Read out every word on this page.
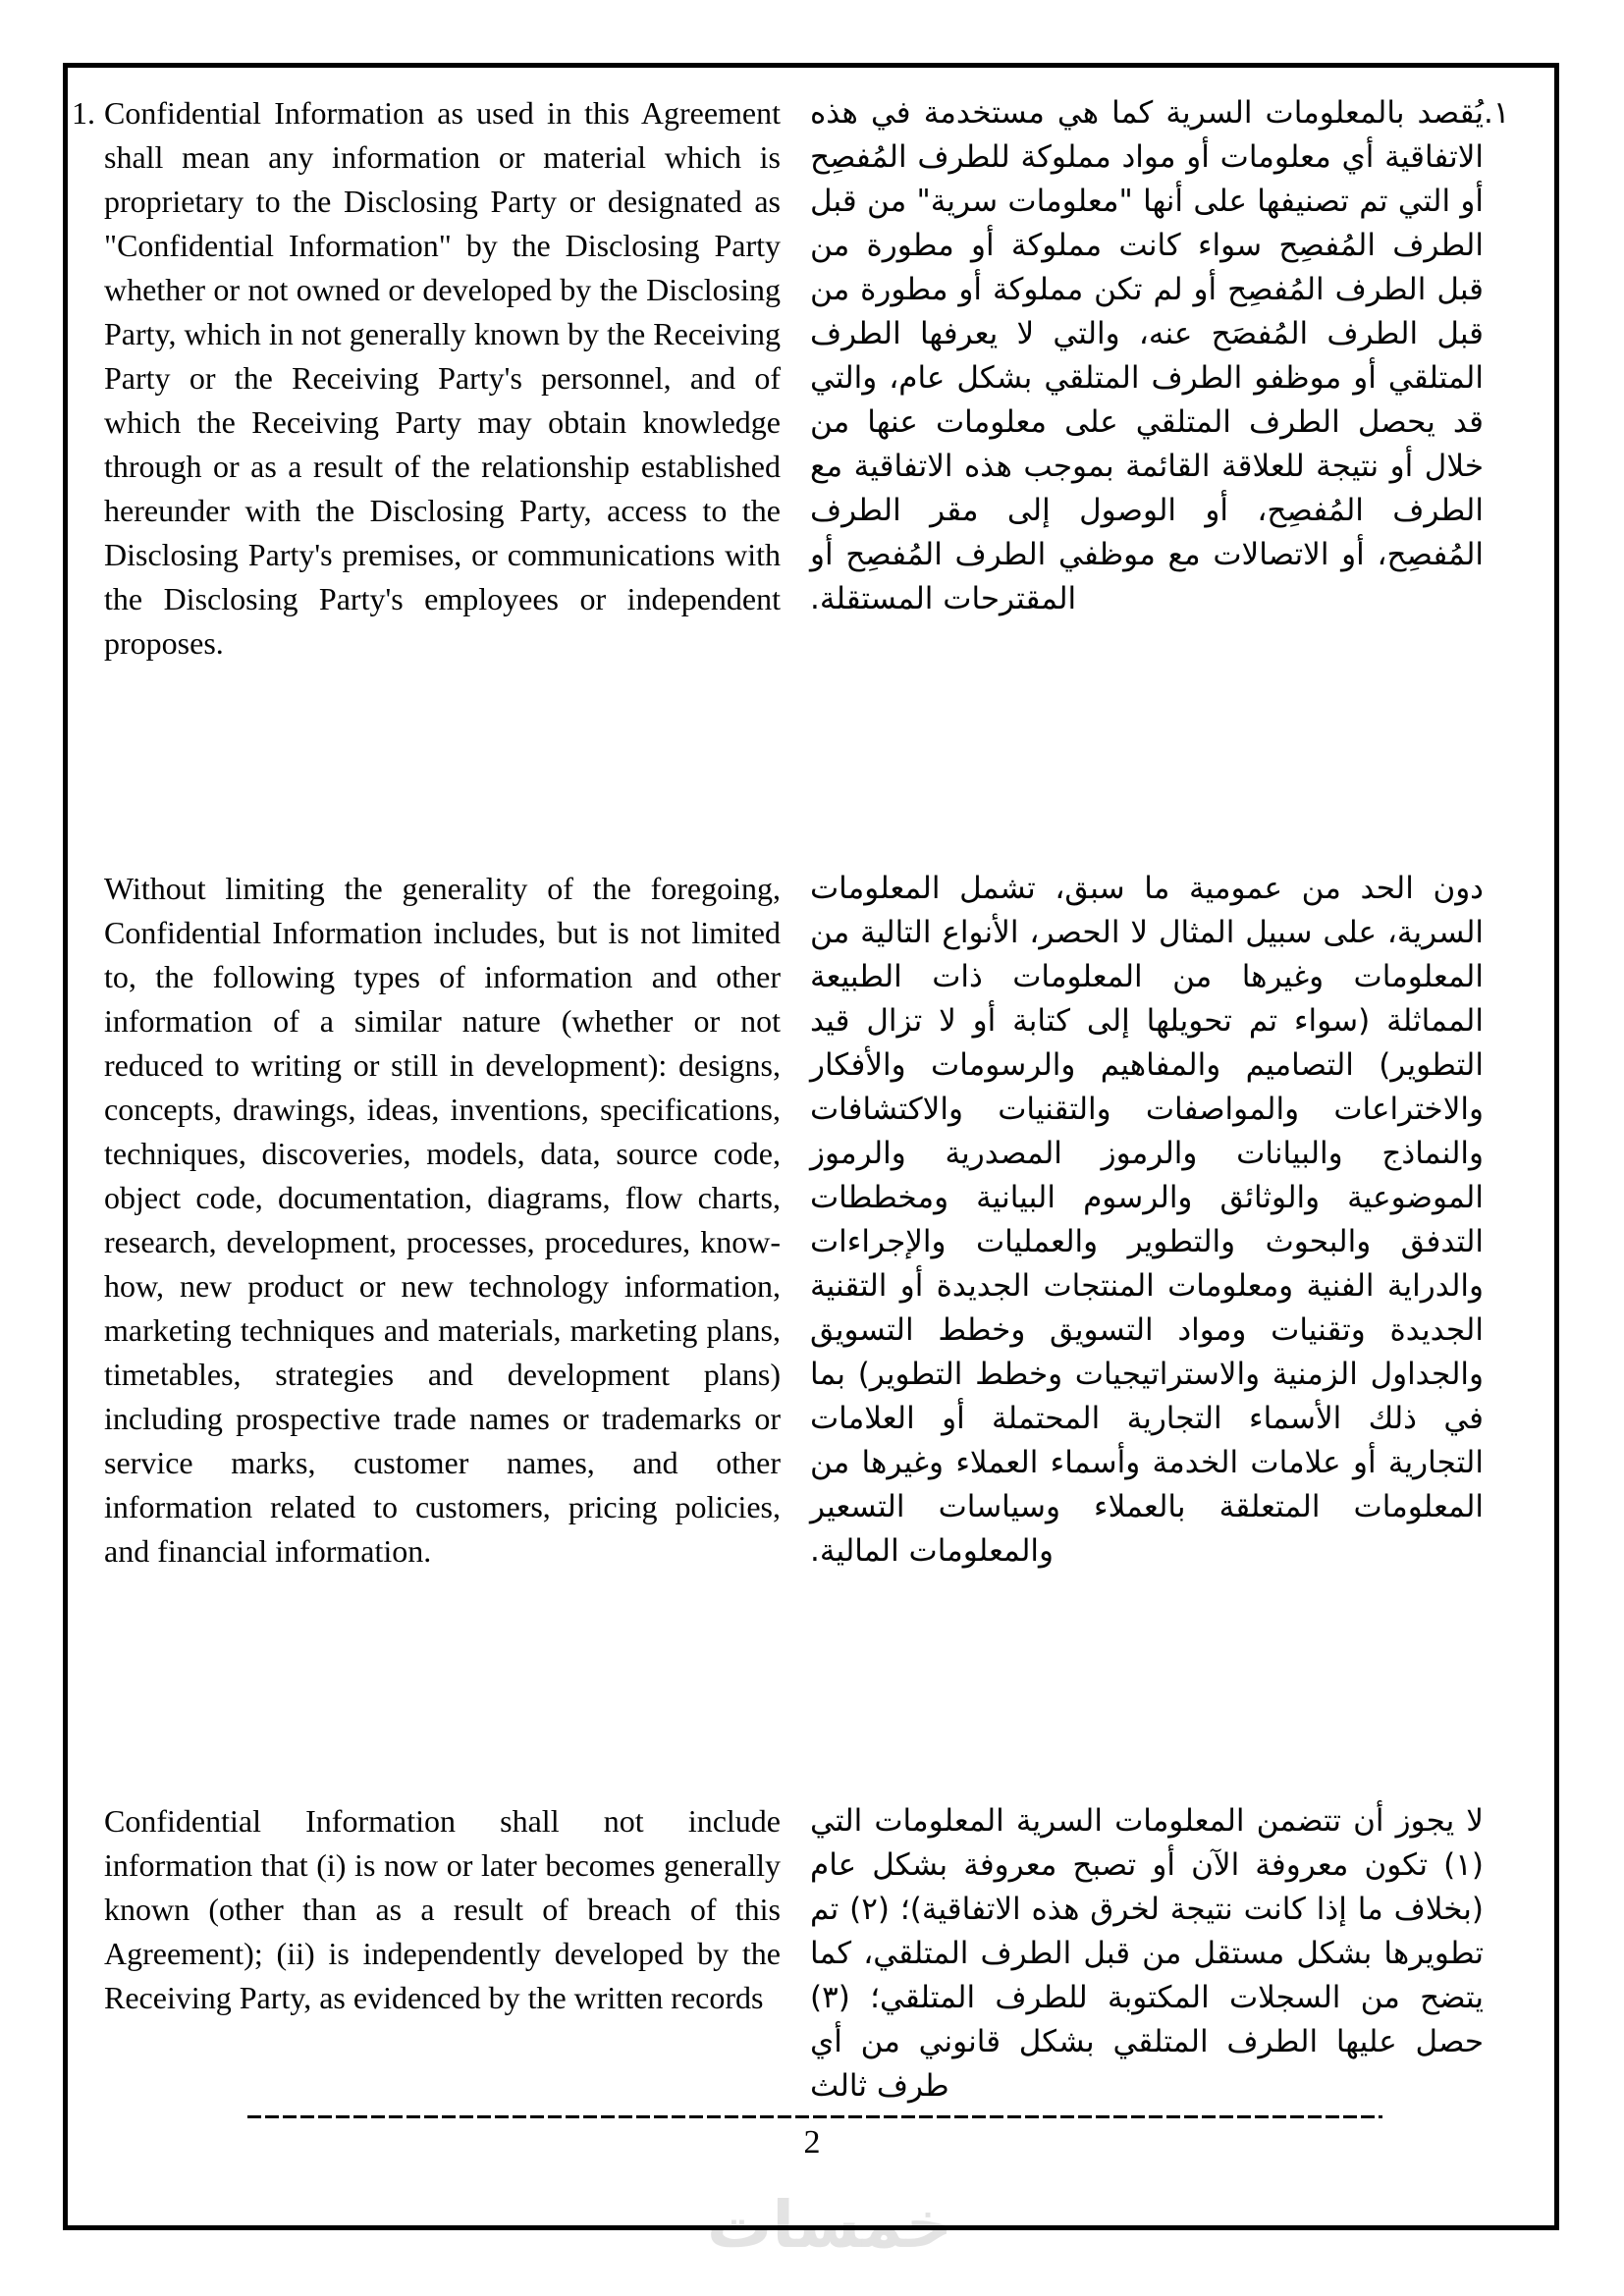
1. Confidential Information as used in this Agreement shall mean any information or material which is proprietary to the Disclosing Party or designated as "Confidential Information" by the Disclosing Party whether or not owned or developed by the Disclosing Party, which in not generally known by the Receiving Party or the Receiving Party's personnel, and of which the Receiving Party may obtain knowledge through or as a result of the relationship established hereunder with the Disclosing Party, access to the Disclosing Party's premises, or communications with the Disclosing Party's employees or independent proposes.
١.
يُقصد بالمعلومات السرية كما هي مستخدمة في هذه الاتفاقية أي معلومات أو مواد مملوكة للطرف المُفصِح أو التي تم تصنيفها على أنها "معلومات سرية" من قبل الطرف المُفصِح سواء كانت مملوكة أو مطورة من قبل الطرف المُفصِح أو لم تكن مملوكة أو مطورة من قبل الطرف المُفصَح عنه، والتي لا يعرفها الطرف المتلقي أو موظفو الطرف المتلقي بشكل عام، والتي قد يحصل الطرف المتلقي على معلومات عنها من خلال أو نتيجة للعلاقة القائمة بموجب هذه الاتفاقية مع الطرف المُفصِح، أو الوصول إلى مقر الطرف المُفصِح، أو الاتصالات مع موظفي الطرف المُفصِح أو المقترحات المستقلة.
Without limiting the generality of the foregoing, Confidential Information includes, but is not limited to, the following types of information and other information of a similar nature (whether or not reduced to writing or still in development): designs, concepts, drawings, ideas, inventions, specifications, techniques, discoveries, models, data, source code, object code, documentation, diagrams, flow charts, research, development, processes, procedures, know-how, new product or new technology information, marketing techniques and materials, marketing plans, timetables, strategies and development plans) including prospective trade names or trademarks or service marks, customer names, and other information related to customers, pricing policies, and financial information.
دون الحد من عمومية ما سبق، تشمل المعلومات السرية، على سبيل المثال لا الحصر، الأنواع التالية من المعلومات وغيرها من المعلومات ذات الطبيعة المماثلة (سواء تم تحويلها إلى كتابة أو لا تزال قيد التطوير) التصاميم والمفاهيم والرسومات والأفكار والاختراعات والمواصفات والتقنيات والاكتشافات والنماذج والبيانات والرموز المصدرية والرموز الموضوعية والوثائق والرسوم البيانية ومخططات التدفق والبحوث والتطوير والعمليات والإجراءات والدراية الفنية ومعلومات المنتجات الجديدة أو التقنية الجديدة وتقنيات ومواد التسويق وخطط التسويق والجداول الزمنية والاستراتيجيات وخطط التطوير) بما في ذلك الأسماء التجارية المحتملة أو العلامات التجارية أو علامات الخدمة وأسماء العملاء وغيرها من المعلومات المتعلقة بالعملاء وسياسات التسعير والمعلومات المالية.
Confidential Information shall not include information that (i) is now or later becomes generally known (other than as a result of breach of this Agreement); (ii) is independently developed by the Receiving Party, as evidenced by the written records
لا يجوز أن تتضمن المعلومات السرية المعلومات التي (١) تكون معروفة الآن أو تصبح معروفة بشكل عام (بخلاف ما إذا كانت نتيجة لخرق هذه الاتفاقية)؛ (٢) تم تطويرها بشكل مستقل من قبل الطرف المتلقي، كما يتضح من السجلات المكتوبة للطرف المتلقي؛ (٣) حصل عليها الطرف المتلقي بشكل قانوني من أي طرف ثالث
2
خمسات
